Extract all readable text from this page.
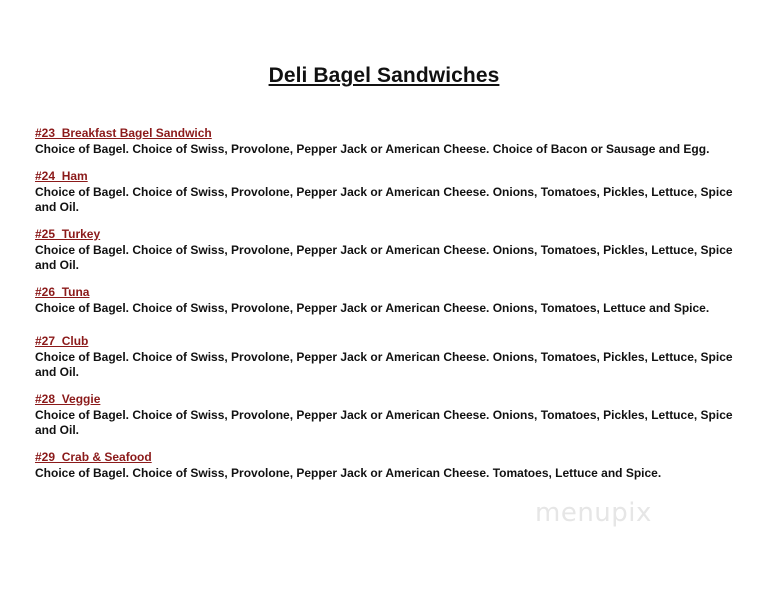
Deli Bagel Sandwiches
#23  Breakfast Bagel Sandwich
Choice of Bagel. Choice of Swiss, Provolone, Pepper Jack or American Cheese. Choice of Bacon or Sausage and Egg.
#24  Ham
Choice of Bagel. Choice of Swiss, Provolone, Pepper Jack or American Cheese. Onions, Tomatoes, Pickles, Lettuce, Spice and Oil.
#25  Turkey
Choice of Bagel. Choice of Swiss, Provolone, Pepper Jack or American Cheese. Onions, Tomatoes, Pickles, Lettuce, Spice and Oil.
#26  Tuna
Choice of Bagel. Choice of Swiss, Provolone, Pepper Jack or American Cheese. Onions, Tomatoes, Lettuce and Spice.
#27  Club
Choice of Bagel. Choice of Swiss, Provolone, Pepper Jack or American Cheese. Onions, Tomatoes, Pickles, Lettuce, Spice and Oil.
#28  Veggie
Choice of Bagel. Choice of Swiss, Provolone, Pepper Jack or American Cheese. Onions, Tomatoes, Pickles, Lettuce, Spice and Oil.
#29  Crab & Seafood
Choice of Bagel. Choice of Swiss, Provolone, Pepper Jack or American Cheese. Tomatoes, Lettuce and Spice.
menupix
